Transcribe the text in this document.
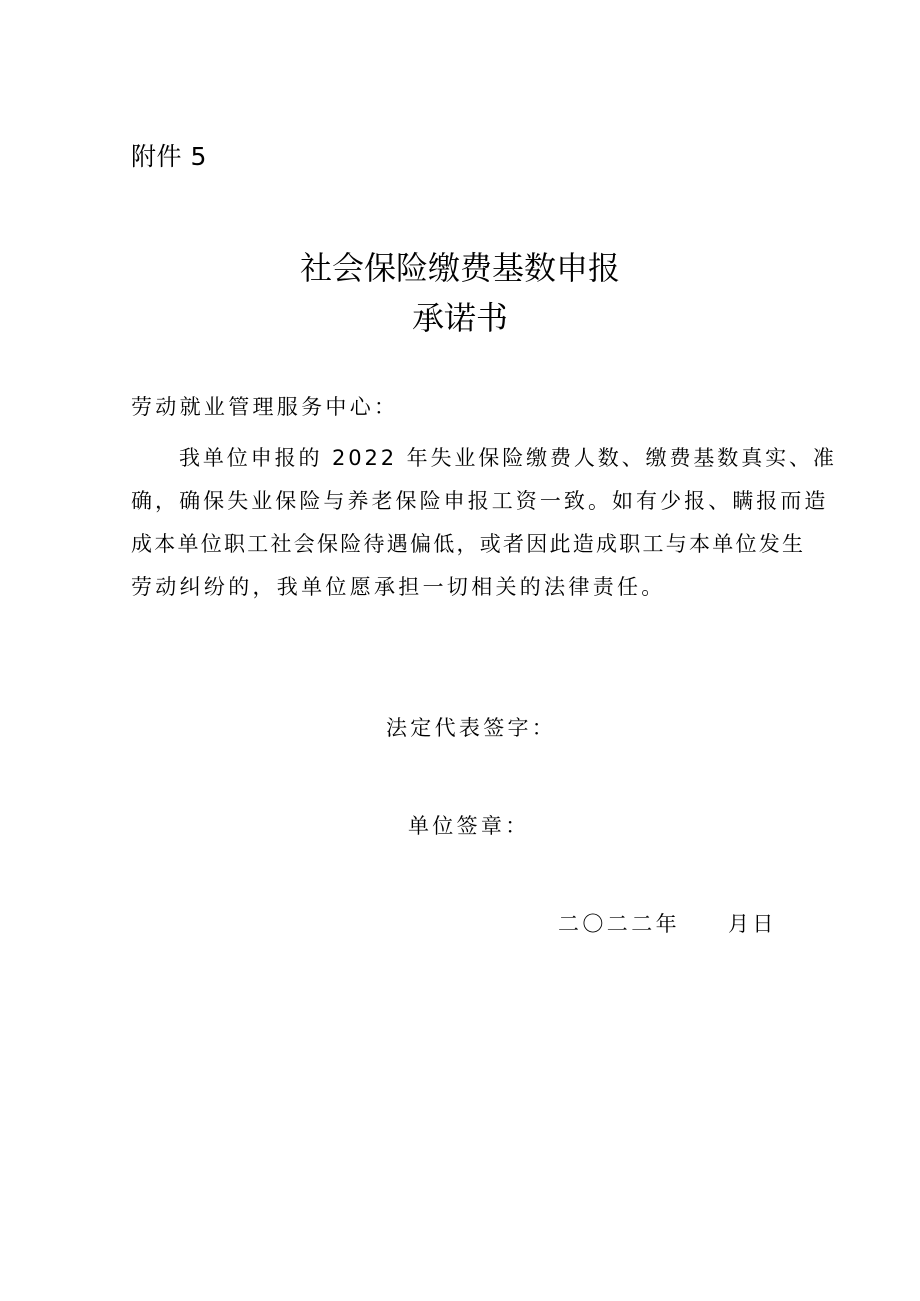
附件 5
社会保险缴费基数申报
承诺书
劳动就业管理服务中心：
我单位申报的 2022 年失业保险缴费人数、缴费基数真实、准
确，确保失业保险与养老保险申报工资一致。如有少报、瞒报而造
成本单位职工社会保险待遇偏低，或者因此造成职工与本单位发生
劳动纠纷的，我单位愿承担一切相关的法律责任。
法定代表签字：
单位签章：
二〇二二年 月日
